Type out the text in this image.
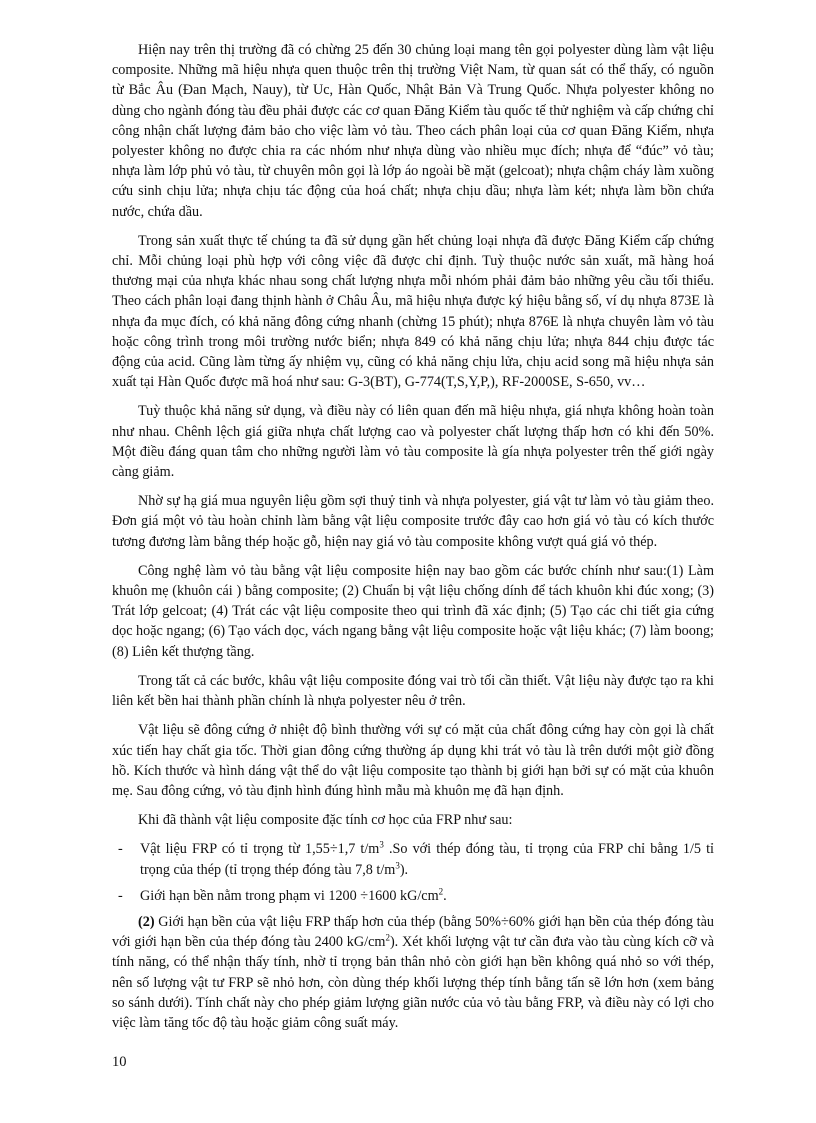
Hiện nay trên thị trường đã có chừng 25 đến 30 chủng loại mang tên gọi polyester dùng làm vật liệu composite. Những mã hiệu nhựa quen thuộc trên thị trường Việt Nam, từ quan sát có thể thấy, có nguồn từ Bắc Âu (Đan Mạch, Nauy), từ Uc, Hàn Quốc, Nhật Bản Và Trung Quốc. Nhựa polyester không no dùng cho ngành đóng tàu đều phải được các cơ quan Đăng Kiểm tàu quốc tế thử nghiệm và cấp chứng chỉ công nhận chất lượng đảm bảo cho việc làm vỏ tàu. Theo cách phân loại của cơ quan Đăng Kiểm, nhựa polyester không no được chia ra các nhóm như nhựa dùng vào nhiều mục đích; nhựa để “đúc” vỏ tàu; nhựa làm lớp phủ vỏ tàu, từ chuyên môn gọi là lớp áo ngoài bề mặt (gelcoat); nhựa chậm cháy làm xuồng cứu sinh chịu lửa; nhựa chịu tác động của hoá chất; nhựa chịu dầu; nhựa làm két; nhựa làm bồn chứa nước, chứa dầu.

Trong sản xuất thực tế chúng ta đã sử dụng gần hết chủng loại nhựa đã được Đăng Kiểm cấp chứng chỉ. Mỗi chủng loại phù hợp với công việc đã được chỉ định. Tuỳ thuộc nước sản xuất, mã hàng hoá thương mại của nhựa khác nhau song chất lượng nhựa mỗi nhóm phải đảm bảo những yêu cầu tối thiểu. Theo cách phân loại đang thịnh hành ở Châu Âu, mã hiệu nhựa được ký hiệu bằng số, ví dụ nhựa 873E là nhựa đa mục đích, có khả năng đông cứng nhanh (chừng 15 phút); nhựa 876E là nhựa chuyên làm vỏ tàu hoặc công trình trong môi trường nước biển; nhựa 849 có khả năng chịu lửa; nhựa 844 chịu được tác động của acid. Cũng làm từng ấy nhiệm vụ, cũng có khả năng chịu lửa, chịu acid song mã hiệu nhựa sản xuất tại Hàn Quốc được mã hoá như sau: G-3(BT), G-774(T,S,Y,P,), RF-2000SE, S-650, vv…

Tuỳ thuộc khả năng sử dụng, và điều này có liên quan đến mã hiệu nhựa, giá nhựa không hoàn toàn như nhau. Chênh lệch giá giữa nhựa chất lượng cao và polyester chất lượng thấp hơn có khi đến 50%. Một điều đáng quan tâm cho những người làm vỏ tàu composite là gía nhựa polyester trên thế giới ngày càng giảm.

Nhờ sự hạ giá mua nguyên liệu gồm sợi thuỷ tinh và nhựa polyester, giá vật tư làm vỏ tàu giảm theo. Đơn giá một vỏ tàu hoàn chỉnh làm bằng vật liệu composite trước đây cao hơn giá vỏ tàu có kích thước tương đương làm bằng thép hoặc gỗ, hiện nay giá vỏ tàu composite không vượt quá giá vỏ thép.

Công nghệ làm vỏ tàu bằng vật liệu composite hiện nay bao gồm các bước chính như sau:(1) Làm khuôn mẹ (khuôn cái ) bằng composite; (2) Chuẩn bị vật liệu chống dính để tách khuôn khi đúc xong; (3) Trát lớp gelcoat; (4) Trát các vật liệu composite theo qui trình đã xác định; (5) Tạo các chi tiết gia cứng dọc hoặc ngang; (6) Tạo vách dọc, vách ngang bằng vật liệu composite hoặc vật liệu khác; (7) làm boong; (8) Liên kết thượng tầng.

Trong tất cả các bước, khâu vật liệu composite đóng vai trò tối cần thiết. Vật liệu này được tạo ra khi liên kết bền hai thành phần chính là nhựa polyester nêu ở trên.

Vật liệu sẽ đông cứng ở nhiệt độ bình thường với sự có mặt của chất đông cứng hay còn gọi là chất xúc tiến hay chất gia tốc. Thời gian đông cứng thường áp dụng khi trát vỏ tàu là trên dưới một giờ đồng hồ. Kích thước và hình dáng vật thể do vật liệu composite tạo thành bị giới hạn bởi sự có mặt của khuôn mẹ. Sau đông cứng, vỏ tàu định hình đúng hình mẫu mà khuôn mẹ đã hạn định.

Khi đã thành vật liệu composite đặc tính cơ học của FRP như sau:

- Vật liệu FRP có tỉ trọng từ 1,55÷1,7 $t/m^3$ .So với thép đóng tàu, tỉ trọng của FRP chỉ bằng 1/5 tỉ trọng của thép (tỉ trọng thép đóng tàu 7,8 $t/m^3$).
- Giới hạn bền nằm trong phạm vi 1200 ÷1600 $kG/cm^2$.

(2) Giới hạn bền của vật liệu FRP thấp hơn của thép (bằng 50%÷60% giới hạn bền của thép đóng tàu với giới hạn bền của thép đóng tàu 2400 $kG/cm^2$). Xét khối lượng vật tư cần đưa vào tàu cùng kích cỡ và tính năng, có thể nhận thấy tính, nhờ tỉ trọng bản thân nhỏ còn giới hạn bền không quá nhỏ so với thép, nên số lượng vật tư FRP sẽ nhỏ hơn, còn dùng thép khối lượng thép tính bằng tấn sẽ lớn hơn (xem bảng so sánh dưới). Tính chất này cho phép giảm lượng giãn nước của vỏ tàu bằng FRP, và điều này có lợi cho việc làm tăng tốc độ tàu hoặc giảm công suất máy.

10
